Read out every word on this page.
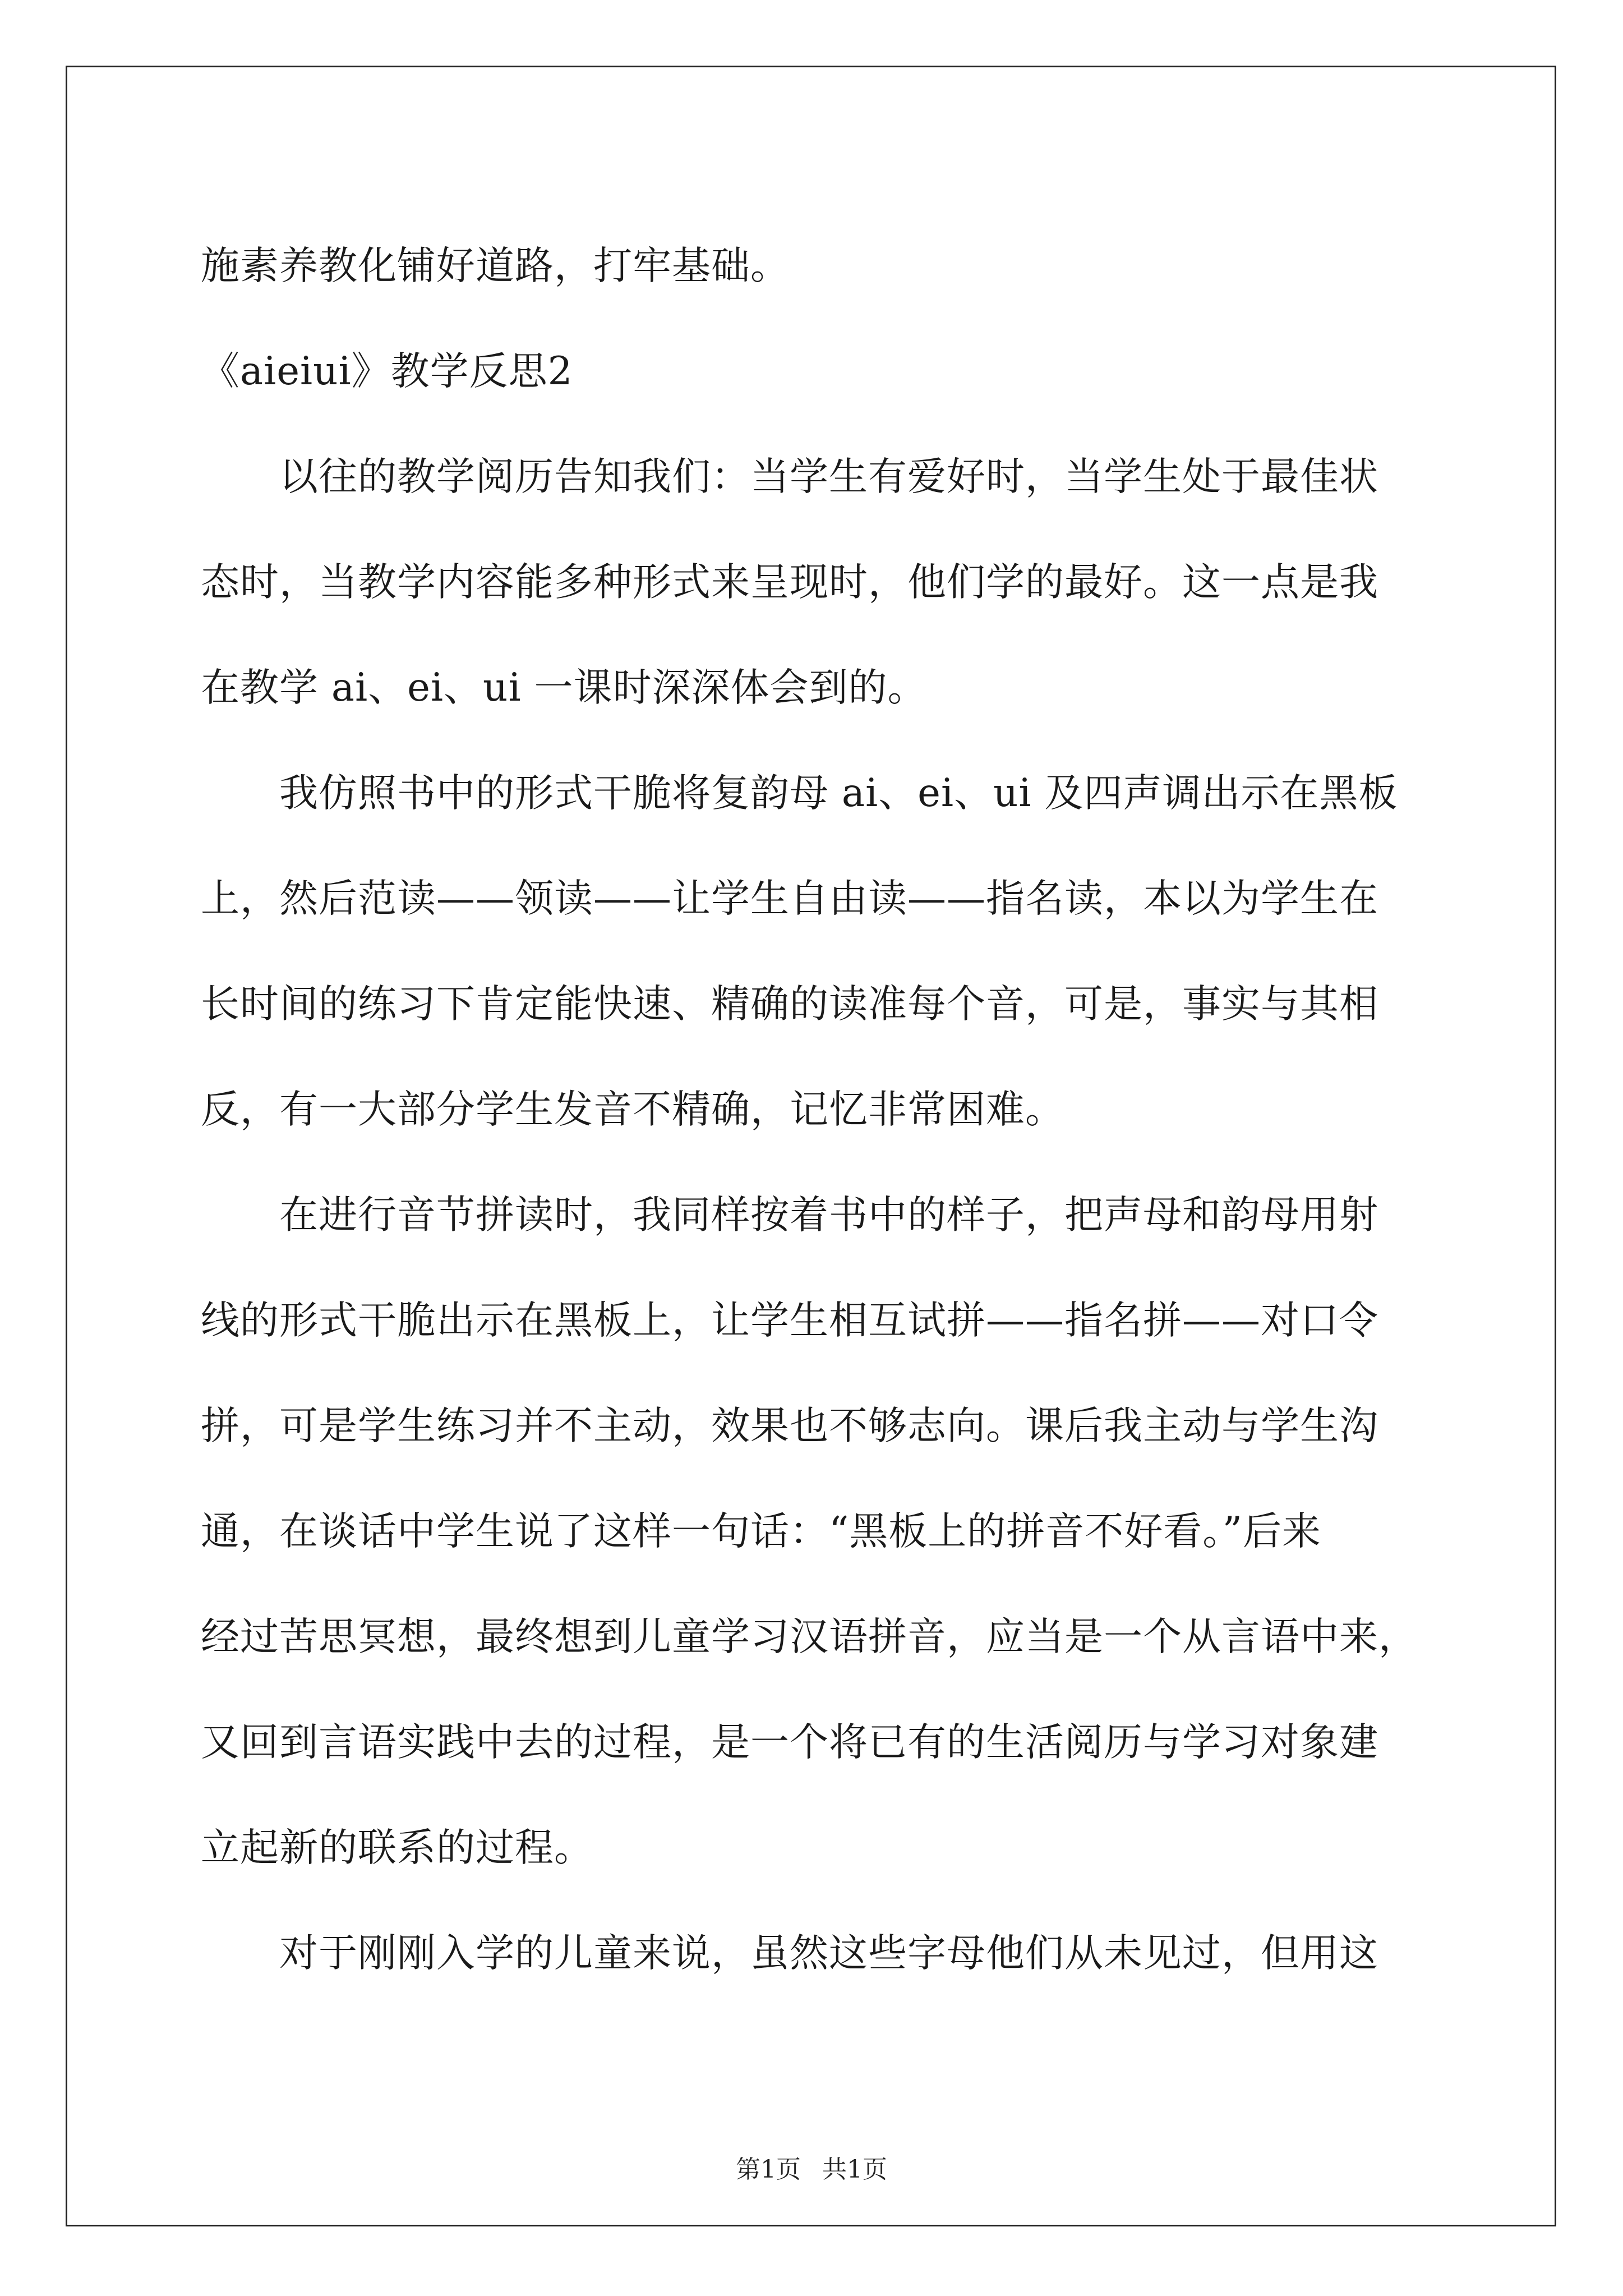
施素养教化铺好道路，打牢基础。
《aieiui》教学反思2
以往的教学阅历告知我们：当学生有爱好时，当学生处于最佳状
态时，当教学内容能多种形式来呈现时，他们学的最好。这一点是我
在教学 ai、ei、ui 一课时深深体会到的。
我仿照书中的形式干脆将复韵母 ai、ei、ui 及四声调出示在黑板
上，然后范读——领读——让学生自由读——指名读，本以为学生在
长时间的练习下肯定能快速、精确的读准每个音，可是，事实与其相
反，有一大部分学生发音不精确，记忆非常困难。
在进行音节拼读时，我同样按着书中的样子，把声母和韵母用射
线的形式干脆出示在黑板上，让学生相互试拼——指名拼——对口令
拼，可是学生练习并不主动，效果也不够志向。课后我主动与学生沟
通，在谈话中学生说了这样一句话：“黑板上的拼音不好看。”后来
经过苦思冥想，最终想到儿童学习汉语拼音，应当是一个从言语中来，
又回到言语实践中去的过程，是一个将已有的生活阅历与学习对象建
立起新的联系的过程。
对于刚刚入学的儿童来说，虽然这些字母他们从未见过，但用这
第1页 共1页
